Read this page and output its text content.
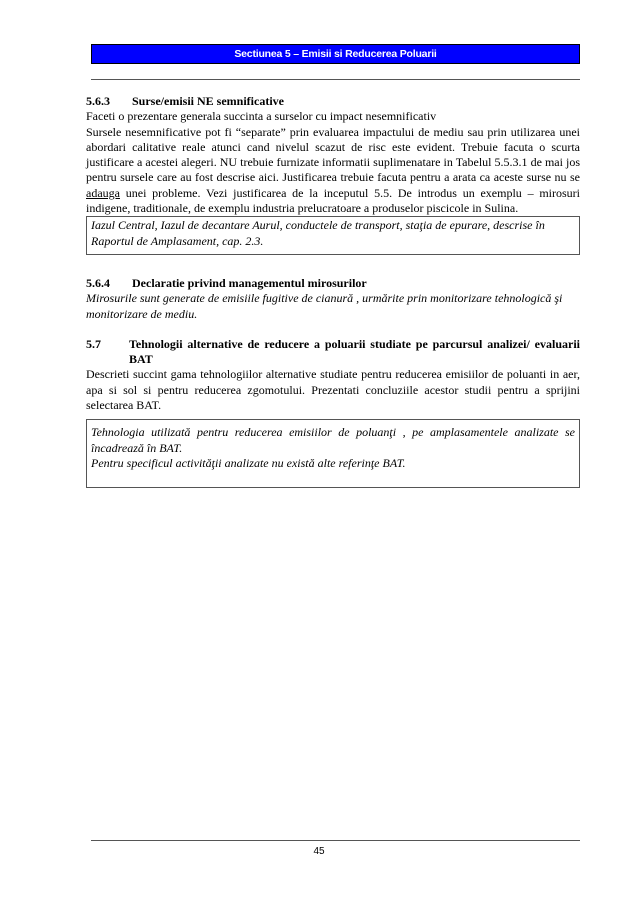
Sectiunea 5 – Emisii si Reducerea Poluarii

5.6.3 Surse/emisii NE semnificative

Faceti o prezentare generala succinta a surselor cu impact nesemnificativ

Sursele nesemnificative pot fi “separate” prin evaluarea impactului de mediu sau prin utilizarea unei abordari calitative reale atunci cand nivelul scazut de risc este evident. Trebuie facuta o scurta justificare a acestei alegeri. NU trebuie furnizate informatii suplimenatare in Tabelul 5.5.3.1 de mai jos pentru sursele care au fost descrise aici. Justificarea trebuie facuta pentru a arata ca aceste surse nu se adauga unei probleme. Vezi justificarea de la inceputul 5.5. De introdus un exemplu – mirosuri indigene, traditionale, de exemplu industria prelucratoare a produselor piscicole in Sulina.

Iazul Central, Iazul de decantare Aurul, conductele de transport, staţia de epurare, descrise în Raportul de Amplasament, cap. 2.3.

5.6.4 Declaratie privind managementul mirosurilor

Mirosurile sunt generate de emisiile fugitive de cianură , urmărite prin monitorizare tehnologică şi monitorizare de mediu.

5.7	Tehnologii alternative de reducere a poluarii studiate pe parcursul analizei/ evaluarii BAT

Descrieti succint gama tehnologiilor alternative studiate pentru reducerea emisiilor de poluanti in aer, apa si sol si pentru reducerea zgomotului. Prezentati concluziile acestor studii pentru a sprijini selectarea BAT.

Tehnologia utilizată pentru reducerea emisiilor de poluanţi , pe amplasamentele analizate se încadrează în BAT.

Pentru specificul activităţii analizate nu există alte referinţe BAT.

45
